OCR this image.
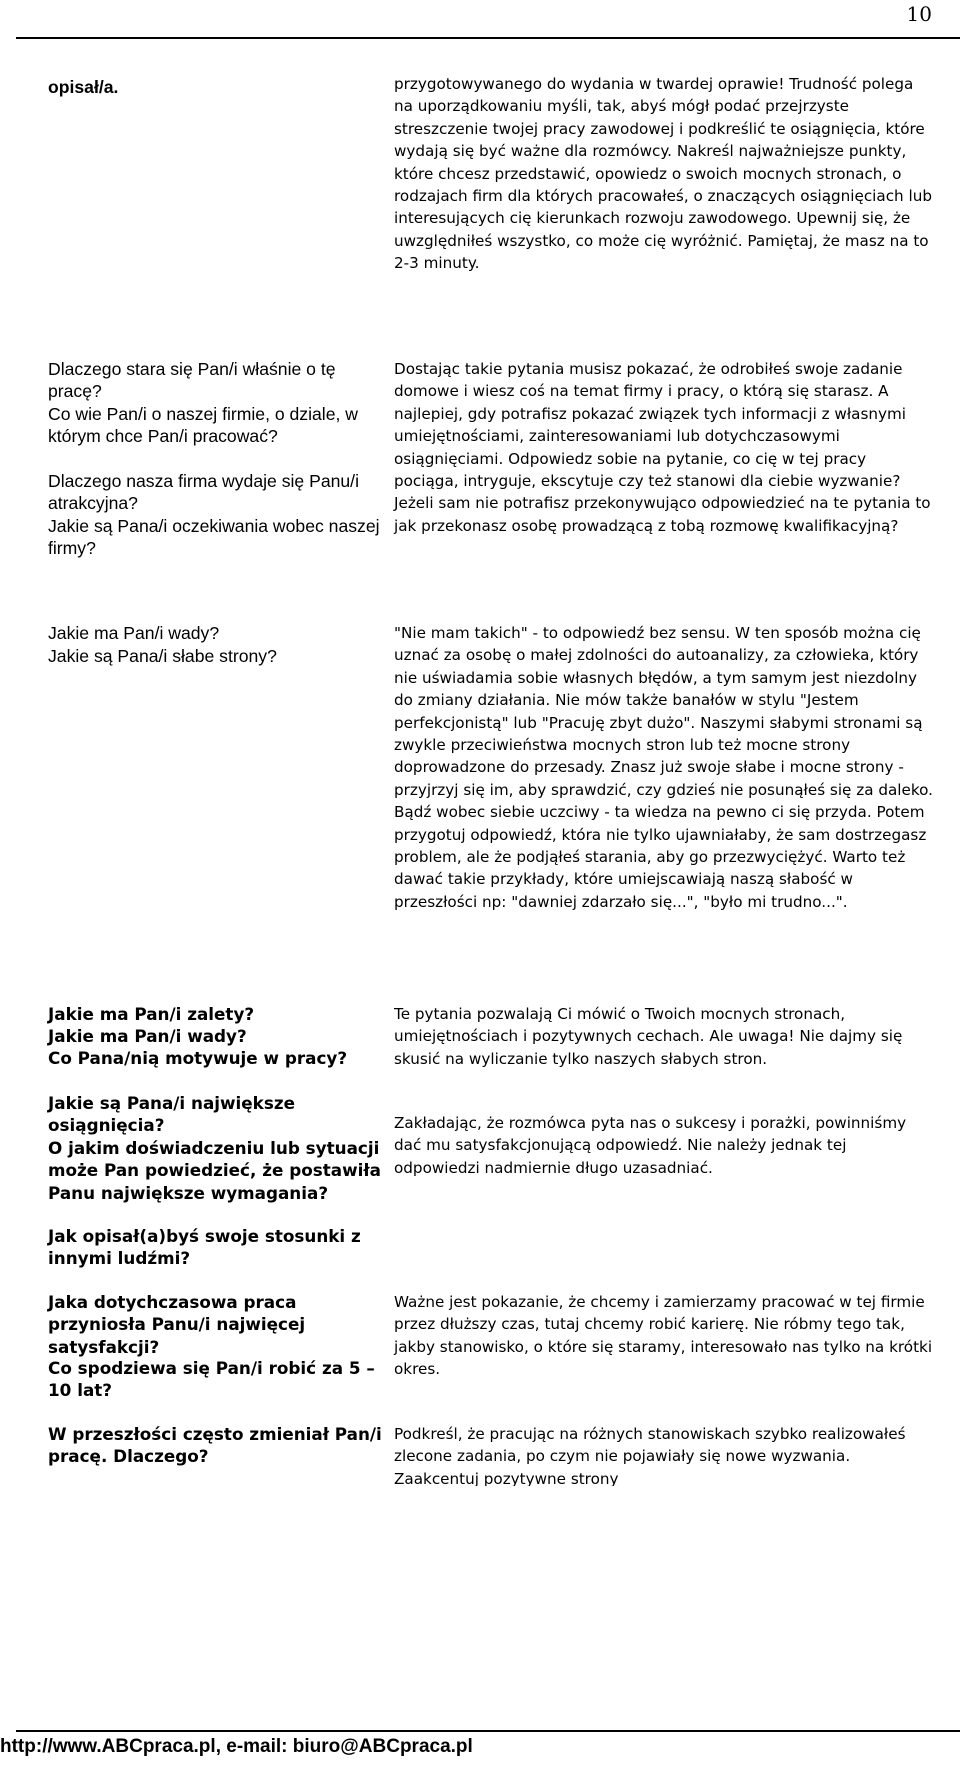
10

opisał/a.

Dlaczego stara się Pan/i właśnie o tę pracę?

Co wie Pan/i o naszej firmie, o dziale, w którym chce Pan/i pracować?

Dlaczego nasza firma wydaje się Panu/i atrakcyjna?

Jakie są Pana/i oczekiwania wobec naszej firmy?

Jakie ma Pan/i wady?

Jakie są Pana/i słabe strony?

Jakie ma Pan/i zalety?

Jakie ma Pan/i wady?

Co Pana/nią motywuje w pracy?

Jakie są Pana/i największe osiągnięcia?

O jakim doświadczeniu lub sytuacji może Pan powiedzieć, że postawiła Panu największe wymagania?

Jak opisał(a)byś swoje stosunki z innymi ludźmi?

Jaka dotychczasowa praca przyniosła Panu/i najwięcej satysfakcji?

Co spodziewa się Pan/i robić za 5 – 10 lat?

W przeszłości często zmieniał Pan/i pracę. Dlaczego?

przygotowywanego do wydania w twardej oprawie! Trudność polega na uporządkowaniu myśli, tak, abyś mógł podać przejrzyste streszczenie twojej pracy zawodowej i podkreślić te osiągnięcia, które wydają się być ważne dla rozmówcy. Nakreśl najważniejsze punkty, które chcesz przedstawić, opowiedz o swoich mocnych stronach, o rodzajach firm dla których pracowałeś, o znaczących osiągnięciach lub interesujących cię kierunkach rozwoju zawodowego. Upewnij się, że uwzględniłeś wszystko, co może cię wyróżnić. Pamiętaj, że masz na to 2-3 minuty.

Dostając takie pytania musisz pokazać, że odrobiłeś swoje zadanie domowe i wiesz coś na temat firmy i pracy, o którą się starasz. A najlepiej, gdy potrafisz pokazać związek tych informacji z własnymi umiejętnościami, zainteresowaniami lub dotychczasowymi osiągnięciami. Odpowiedz sobie na pytanie, co cię w tej pracy pociąga, intryguje, ekscytuje czy też stanowi dla ciebie wyzwanie? Jeżeli sam nie potrafisz przekonywująco odpowiedzieć na te pytania to jak przekonasz osobę prowadzącą z tobą rozmowę kwalifikacyjną?

"Nie mam takich" - to odpowiedź bez sensu. W ten sposób można cię uznać za osobę o małej zdolności do autoanalizy, za człowieka, który nie uświadamia sobie własnych błędów, a tym samym jest niezdolny do zmiany działania. Nie mów także banałów w stylu "Jestem perfekcjonistą" lub "Pracuję zbyt dużo". Naszymi słabymi stronami są zwykle przeciwieństwa mocnych stron lub też mocne strony doprowadzone do przesady. Znasz już swoje słabe i mocne strony - przyjrzyj się im, aby sprawdzić, czy gdzieś nie posunąłeś się za daleko. Bądź wobec siebie uczciwy - ta wiedza na pewno ci się przyda. Potem przygotuj odpowiedź, która nie tylko ujawniałaby, że sam dostrzegasz problem, ale że podjąłeś starania, aby go przezwyciężyć. Warto też dawać takie przykłady, które umiejscawiają naszą słabość w przeszłości np: "dawniej zdarzało się...", "było mi trudno...".

Te pytania pozwalają Ci mówić o Twoich mocnych stronach, umiejętnościach i pozytywnych cechach. Ale uwaga! Nie dajmy się skusić na wyliczanie tylko naszych słabych stron.

Zakładając, że rozmówca pyta nas o sukcesy i porażki, powinniśmy dać mu satysfakcjonującą odpowiedź. Nie należy jednak tej odpowiedzi nadmiernie długo uzasadniać.

Ważne jest pokazanie, że chcemy i zamierzamy pracować w tej firmie przez dłuższy czas, tutaj chcemy robić karierę. Nie róbmy tego tak, jakby stanowisko, o które się staramy, interesowało nas tylko na krótki okres.

Podkreśl, że pracując na różnych stanowiskach szybko realizowałeś zlecone zadania, po czym nie pojawiały się nowe wyzwania. Zaakcentuj pozytywne strony

http://www.ABCpraca.pl, e-mail: biuro@ABCpraca.pl
